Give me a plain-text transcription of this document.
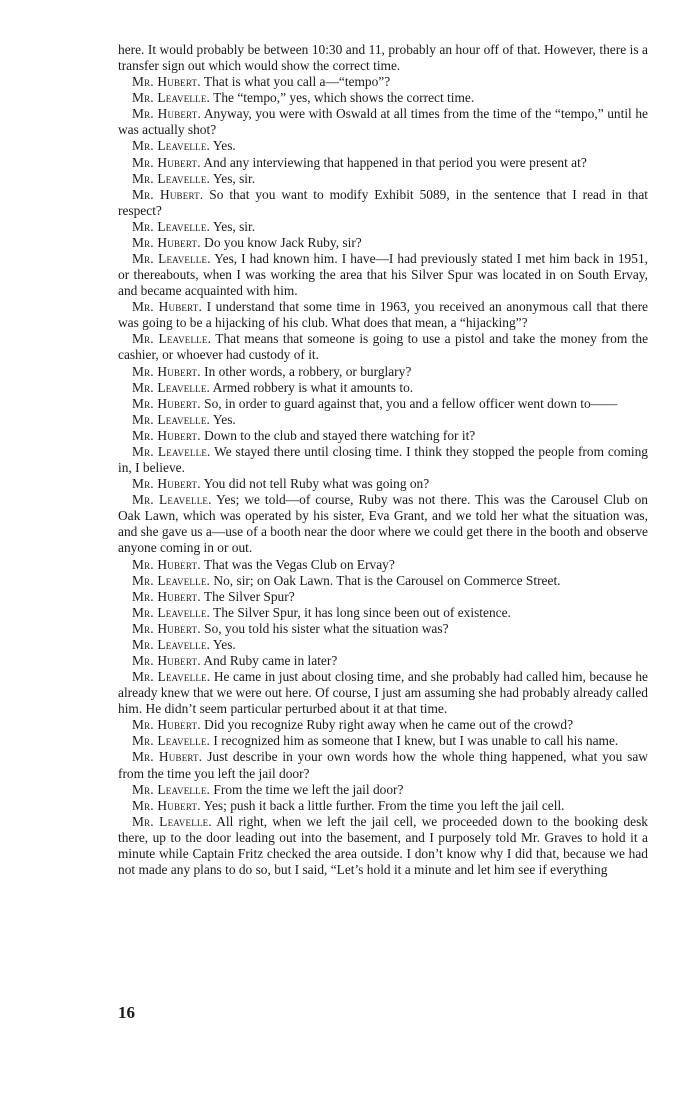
here. It would probably be between 10:30 and 11, probably an hour off of that. However, there is a transfer sign out which would show the correct time.

Mr. Hubert. That is what you call a—“tempo”?

Mr. Leavelle. The “tempo,” yes, which shows the correct time.

Mr. Hubert. Anyway, you were with Oswald at all times from the time of the “tempo,” until he was actually shot?

Mr. Leavelle. Yes.

Mr. Hubert. And any interviewing that happened in that period you were present at?

Mr. Leavelle. Yes, sir.

Mr. Hubert. So that you want to modify Exhibit 5089, in the sentence that I read in that respect?

Mr. Leavelle. Yes, sir.

Mr. Hubert. Do you know Jack Ruby, sir?

Mr. Leavelle. Yes, I had known him. I have—I had previously stated I met him back in 1951, or thereabouts, when I was working the area that his Silver Spur was located in on South Ervay, and became acquainted with him.

Mr. Hubert. I understand that some time in 1963, you received an anonymous call that there was going to be a hijacking of his club. What does that mean, a “hijacking”?

Mr. Leavelle. That means that someone is going to use a pistol and take the money from the cashier, or whoever had custody of it.

Mr. Hubert. In other words, a robbery, or burglary?

Mr. Leavelle. Armed robbery is what it amounts to.

Mr. Hubert. So, in order to guard against that, you and a fellow officer went down to——

Mr. Leavelle. Yes.

Mr. Hubert. Down to the club and stayed there watching for it?

Mr. Leavelle. We stayed there until closing time. I think they stopped the people from coming in, I believe.

Mr. Hubert. You did not tell Ruby what was going on?

Mr. Leavelle. Yes; we told—of course, Ruby was not there. This was the Carousel Club on Oak Lawn, which was operated by his sister, Eva Grant, and we told her what the situation was, and she gave us a—use of a booth near the door where we could get there in the booth and observe anyone coming in or out.

Mr. Hubert. That was the Vegas Club on Ervay?

Mr. Leavelle. No, sir; on Oak Lawn. That is the Carousel on Commerce Street.

Mr. Hubert. The Silver Spur?

Mr. Leavelle. The Silver Spur, it has long since been out of existence.

Mr. Hubert. So, you told his sister what the situation was?

Mr. Leavelle. Yes.

Mr. Hubert. And Ruby came in later?

Mr. Leavelle. He came in just about closing time, and she probably had called him, because he already knew that we were out here. Of course, I just am assuming she had probably already called him. He didn’t seem particular perturbed about it at that time.

Mr. Hubert. Did you recognize Ruby right away when he came out of the crowd?

Mr. Leavelle. I recognized him as someone that I knew, but I was unable to call his name.

Mr. Hubert. Just describe in your own words how the whole thing happened, what you saw from the time you left the jail door?

Mr. Leavelle. From the time we left the jail door?

Mr. Hubert. Yes; push it back a little further. From the time you left the jail cell.

Mr. Leavelle. All right, when we left the jail cell, we proceeded down to the booking desk there, up to the door leading out into the basement, and I purposely told Mr. Graves to hold it a minute while Captain Fritz checked the area outside. I don’t know why I did that, because we had not made any plans to do so, but I said, “Let’s hold it a minute and let him see if everything

16
